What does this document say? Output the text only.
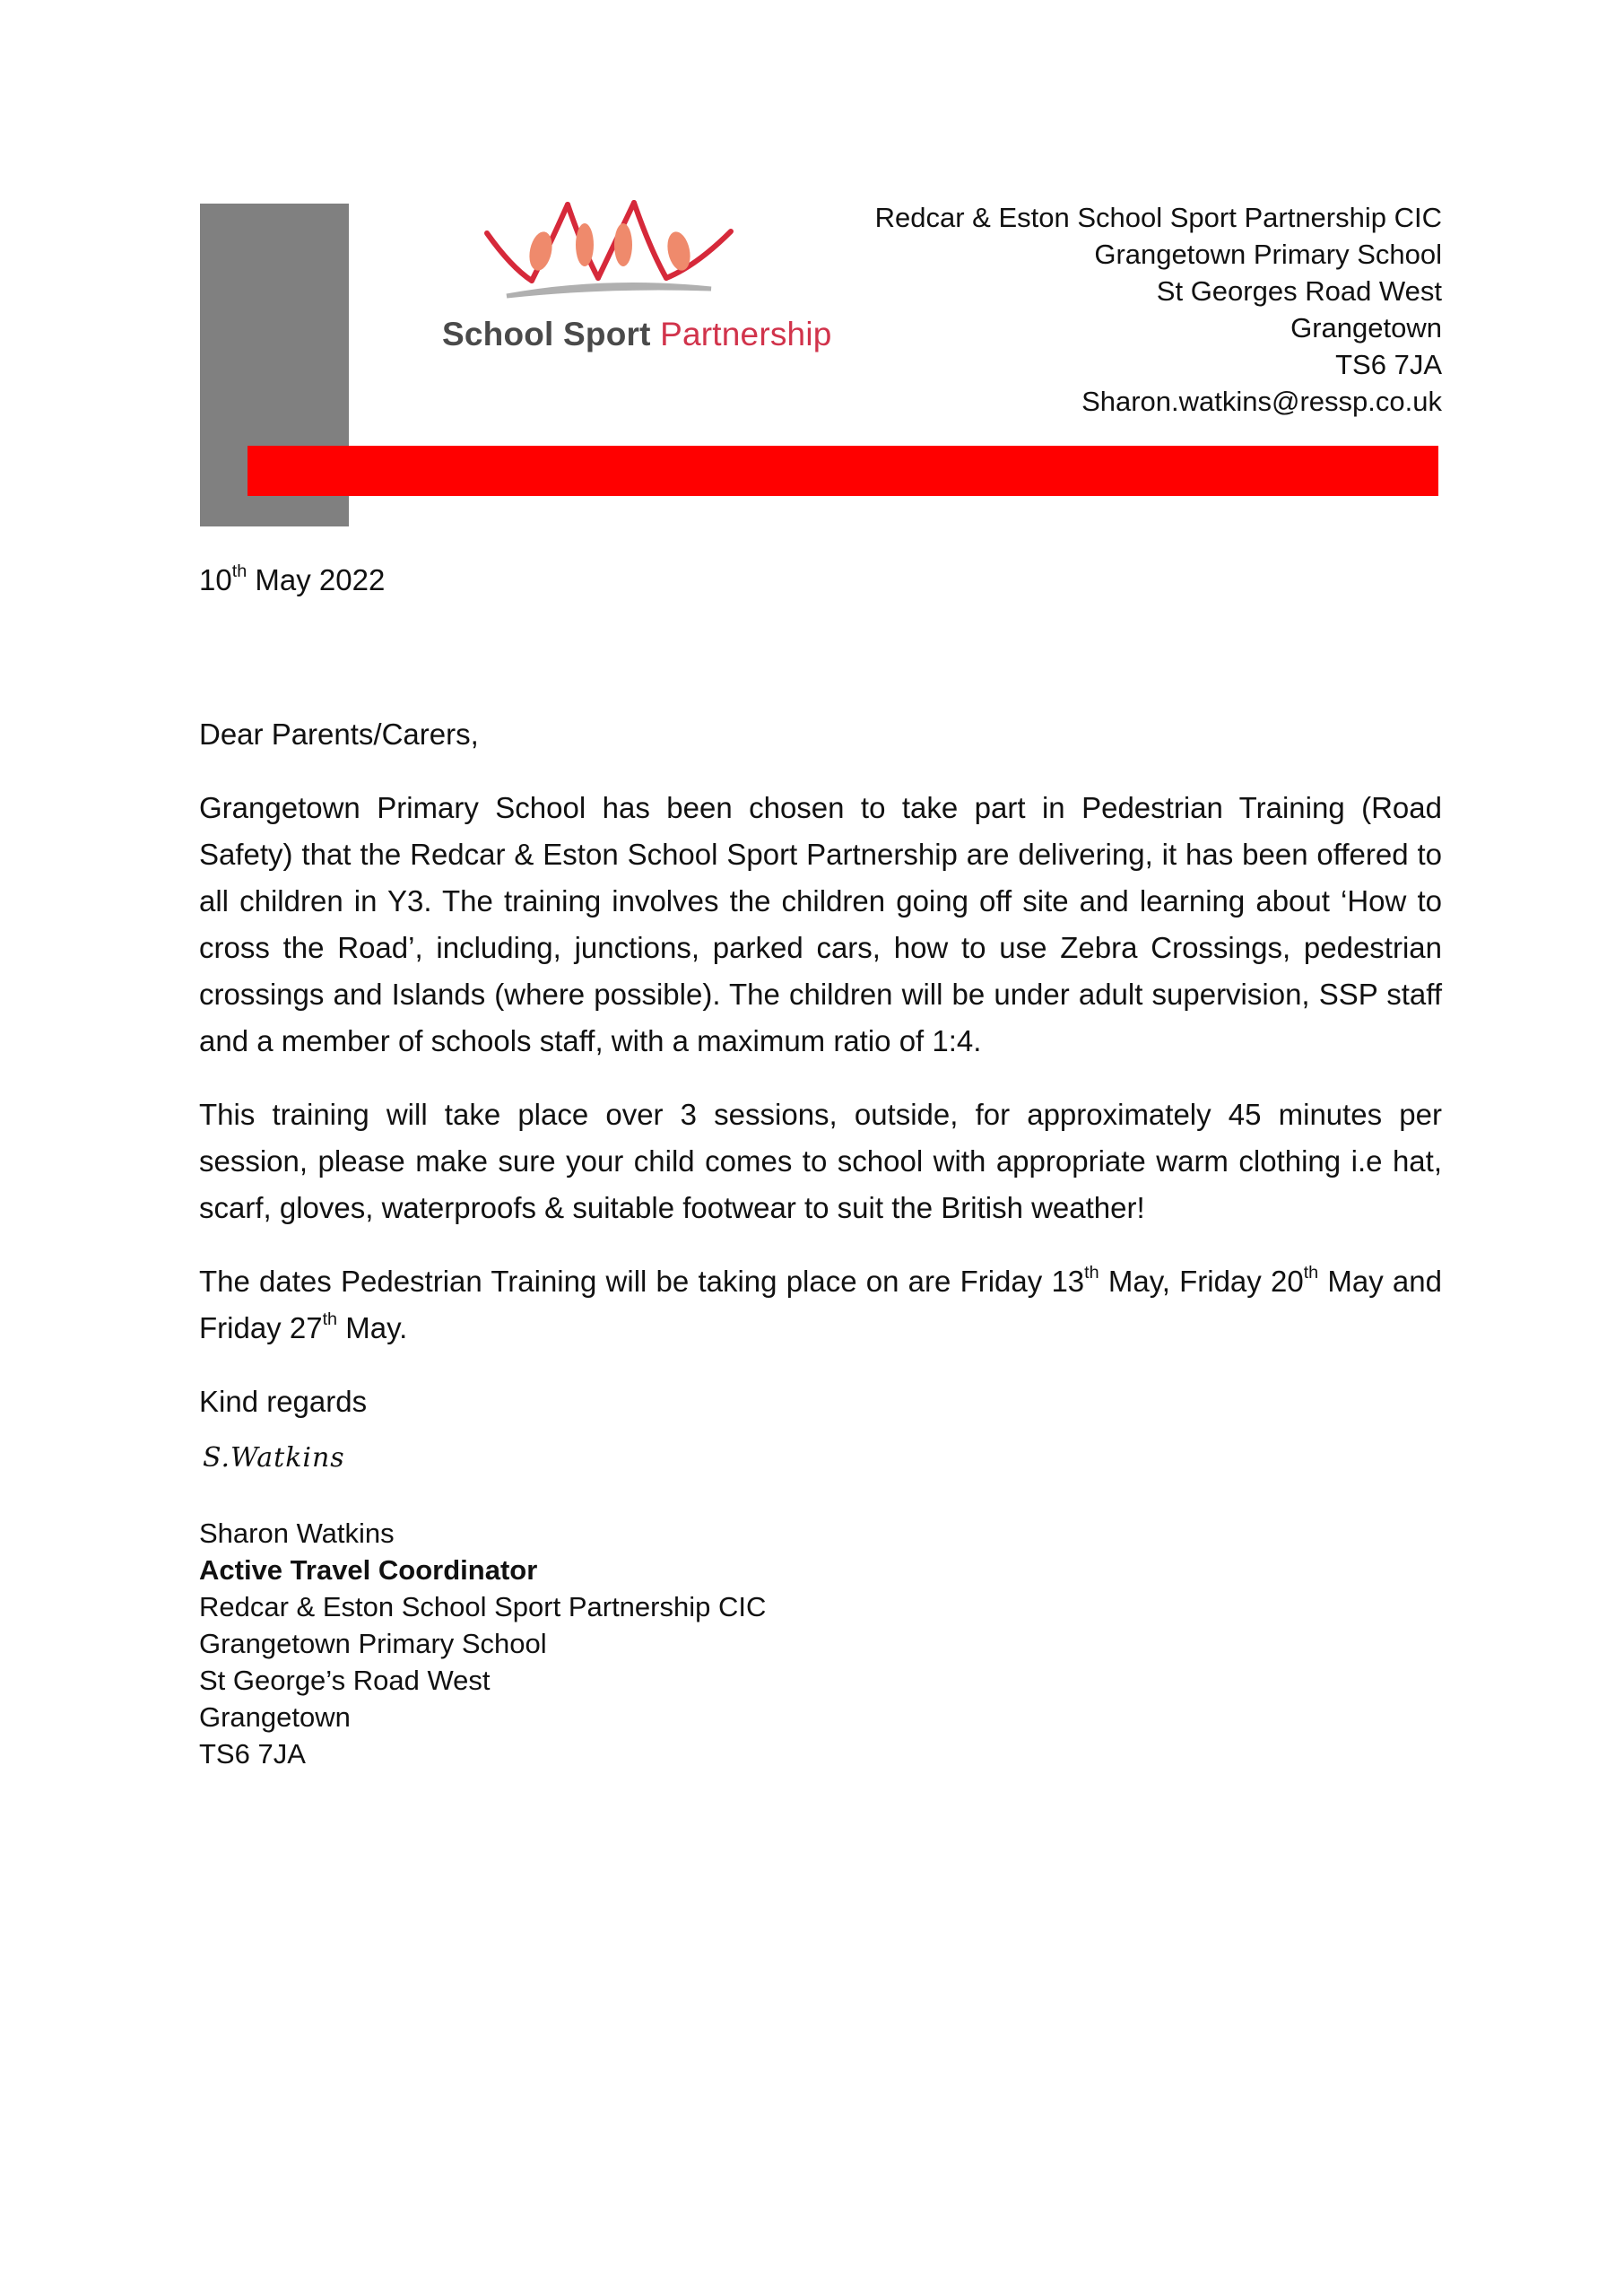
School Sport Partnership
Redcar & Eston School Sport Partnership CIC
Grangetown Primary School
St Georges Road West
Grangetown
TS6 7JA
Sharon.watkins@ressp.co.uk
10th May 2022

Dear Parents/Carers,

Grangetown Primary School has been chosen to take part in Pedestrian Training (Road Safety) that the Redcar & Eston School Sport Partnership are delivering, it has been offered to all children in Y3. The training involves the children going off site and learning about ‘How to cross the Road’, including, junctions, parked cars, how to use Zebra Crossings, pedestrian crossings and Islands (where possible). The children will be under adult supervision, SSP staff and a member of schools staff, with a maximum ratio of 1:4.

This training will take place over 3 sessions, outside, for approximately 45 minutes per session, please make sure your child comes to school with appropriate warm clothing i.e hat, scarf, gloves, waterproofs & suitable footwear to suit the British weather!

The dates Pedestrian Training will be taking place on are Friday 13th May, Friday 20th May and Friday 27th May.

Kind regards

S.Watkins
Sharon Watkins
Active Travel Coordinator
Redcar & Eston School Sport Partnership CIC
Grangetown Primary School
St George’s Road West
Grangetown
TS6 7JA
